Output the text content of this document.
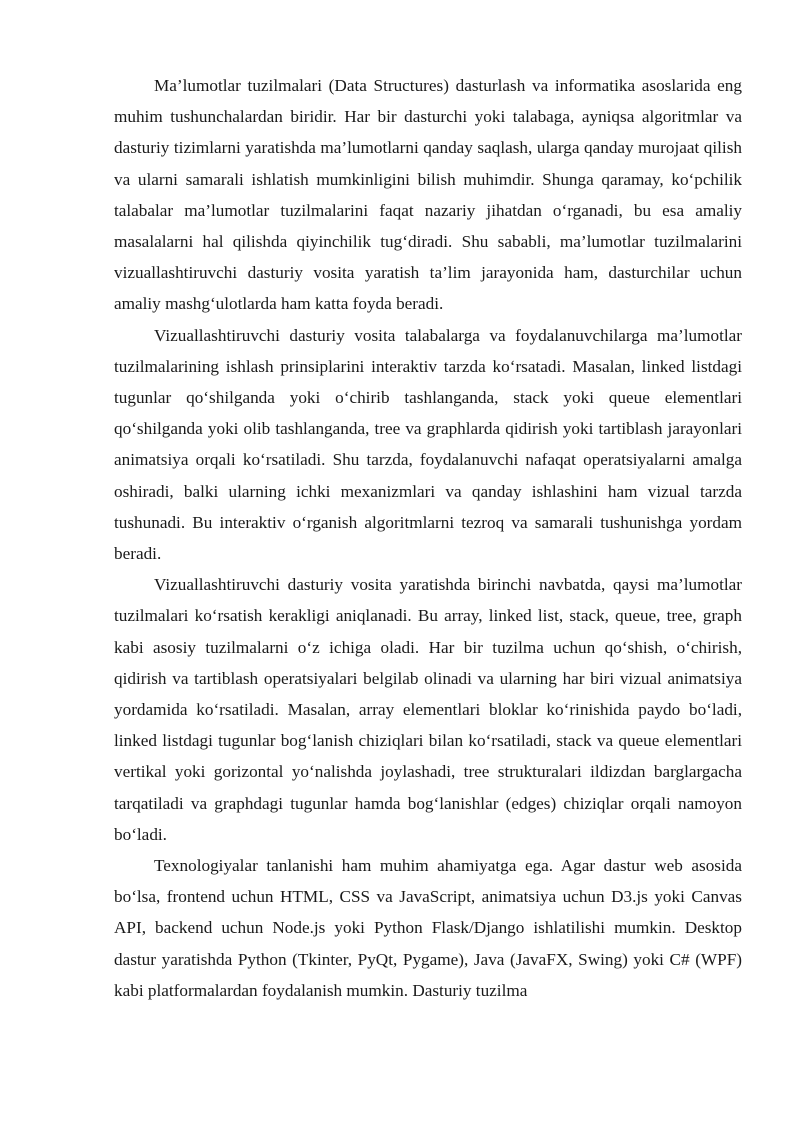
Ma’lumotlar tuzilmalari (Data Structures) dasturlash va informatika asoslarida eng muhim tushunchalardan biridir. Har bir dasturchi yoki talabaga, ayniqsa algoritmlar va dasturiy tizimlarni yaratishda ma’lumotlarni qanday saqlash, ularga qanday murojaat qilish va ularni samarali ishlatish mumkinligini bilish muhimdir. Shunga qaramay, ko‘pchilik talabalar ma’lumotlar tuzilmalarini faqat nazariy jihatdan o‘rganadi, bu esa amaliy masalalarni hal qilishda qiyinchilik tug‘diradi. Shu sababli, ma’lumotlar tuzilmalarini vizuallashtiruvchi dasturiy vosita yaratish ta’lim jarayonida ham, dasturchilar uchun amaliy mashg‘ulotlarda ham katta foyda beradi.

Vizuallashtiruvchi dasturiy vosita talabalarga va foydalanuvchilarga ma’lumotlar tuzilmalarining ishlash prinsiplarini interaktiv tarzda ko‘rsatadi. Masalan, linked listdagi tugunlar qo‘shilganda yoki o‘chirib tashlanganda, stack yoki queue elementlari qo‘shilganda yoki olib tashlanganda, tree va graphlarda qidirish yoki tartiblash jarayonlari animatsiya orqali ko‘rsatiladi. Shu tarzda, foydalanuvchi nafaqat operatsiyalarni amalga oshiradi, balki ularning ichki mexanizmlari va qanday ishlashini ham vizual tarzda tushunadi. Bu interaktiv o‘rganish algoritmlarni tezroq va samarali tushunishga yordam beradi.

Vizuallashtiruvchi dasturiy vosita yaratishda birinchi navbatda, qaysi ma’lumotlar tuzilmalari ko‘rsatish kerakligi aniqlanadi. Bu array, linked list, stack, queue, tree, graph kabi asosiy tuzilmalarni o‘z ichiga oladi. Har bir tuzilma uchun qo‘shish, o‘chirish, qidirish va tartiblash operatsiyalari belgilab olinadi va ularning har biri vizual animatsiya yordamida ko‘rsatiladi. Masalan, array elementlari bloklar ko‘rinishida paydo bo‘ladi, linked listdagi tugunlar bog‘lanish chiziqlari bilan ko‘rsatiladi, stack va queue elementlari vertikal yoki gorizontal yo‘nalishda joylashadi, tree strukturalari ildizdan barglargacha tarqatiladi va graphdagi tugunlar hamda bog‘lanishlar (edges) chiziqlar orqali namoyon bo‘ladi.

Texnologiyalar tanlanishi ham muhim ahamiyatga ega. Agar dastur web asosida bo‘lsa, frontend uchun HTML, CSS va JavaScript, animatsiya uchun D3.js yoki Canvas API, backend uchun Node.js yoki Python Flask/Django ishlatilishi mumkin. Desktop dastur yaratishda Python (Tkinter, PyQt, Pygame), Java (JavaFX, Swing) yoki C# (WPF) kabi platformalardan foydalanish mumkin. Dasturiy tuzilma
